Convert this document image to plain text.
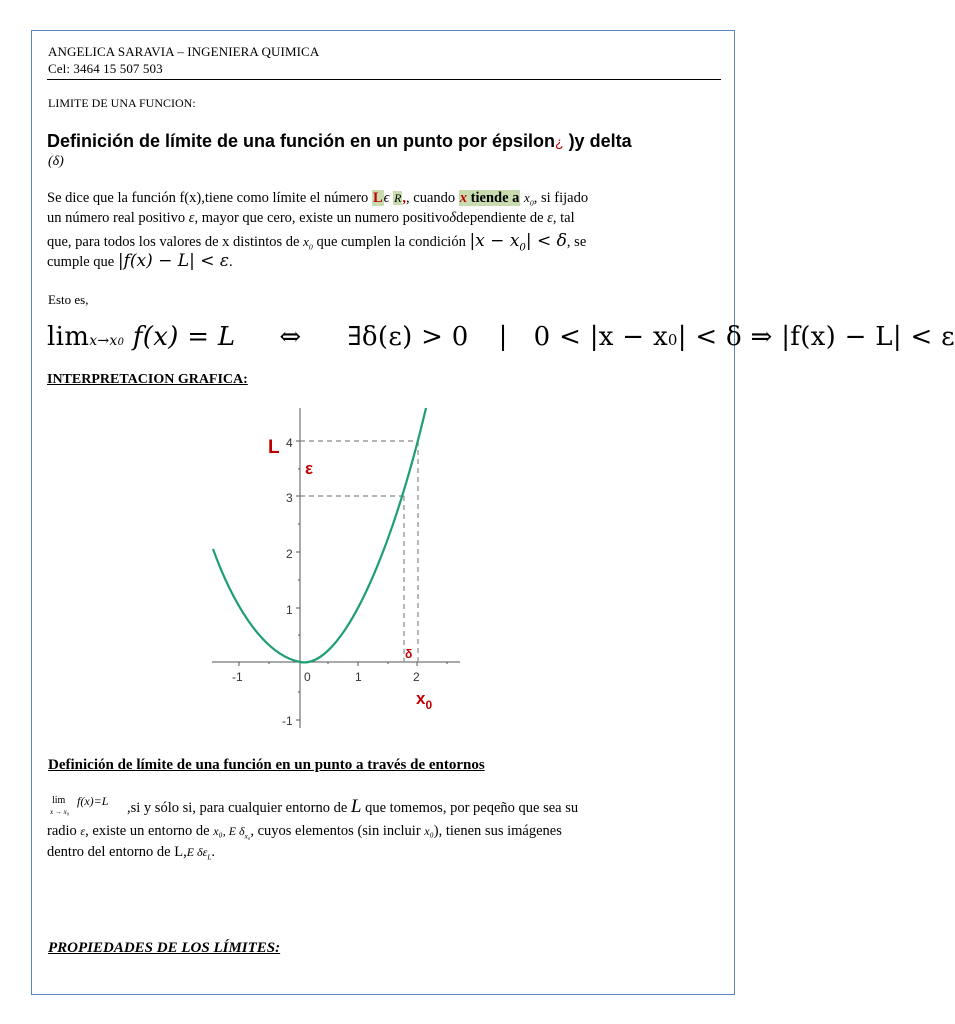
ANGELICA SARAVIA – INGENIERA QUIMICA
Cel: 3464 15 507 503
LIMITE DE UNA FUNCION:
Definición de límite de una función en un punto por épsilon¿ )y delta
(δ)
Se dice que la función f(x),tiene como límite el número Lϵ R,, cuando x tiende a $x_0$, si fijado
un número real positivo ε, mayor que cero, existe un numero positivoδdependiente de ε, tal
que, para todos los valores de x distintos de $x_0$ que cumplen la condición $|x - x_0| < \delta$, se
cumple que |f(x) − L| < ε.
Esto es,
limx→x0 f(x) = L ⇔ ∃δ(ε) > 0 | 0 < |x − x0| < δ ⇒ |f(x) − L| < ε
INTERPRETACION GRAFICA:
-1	0	1	2
-1
1
2
3
4
L
ε
δ
$x_0$
Definición de límite de una función en un punto a través de entornos
lim
x → x₀
f(x)=L ,si y sólo si, para cualquier entorno de L que tomemos, por peqeño que sea su
radio ε, existe un entorno de x₀, E $\delta_{x_0}$, cuyos elementos (sin incluir x₀), tienen sus imágenes
dentro del entorno de L,E $\delta\varepsilon_L$.
PROPIEDADES DE LOS LÍMITES:
